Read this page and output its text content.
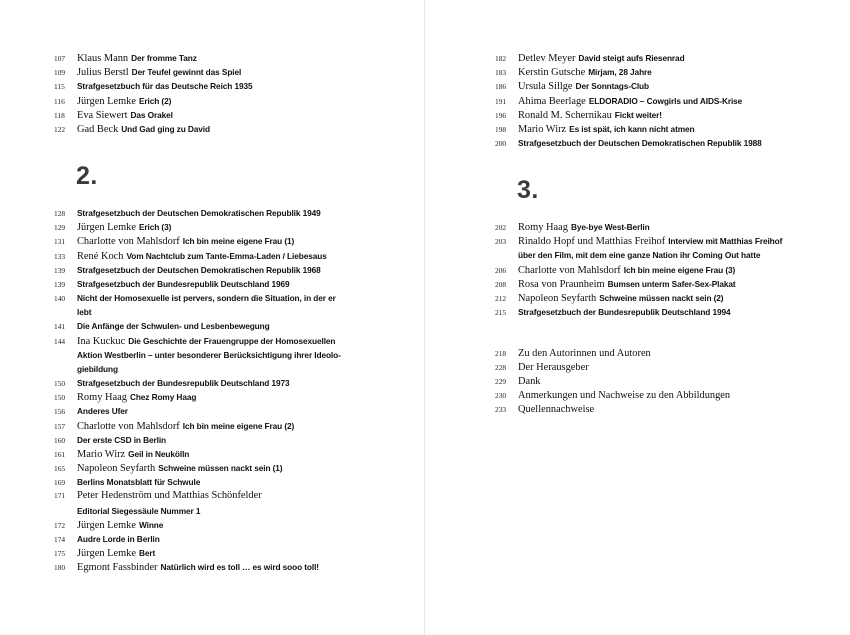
2.
107	Klaus Mann Der fromme Tanz
109	Julius Berstl Der Teufel gewinnt das Spiel
115	Strafgesetzbuch für das Deutsche Reich 1935
116	Jürgen Lemke Erich (2)
118	Eva Siewert Das Orakel
122	Gad Beck Und Gad ging zu David
128	Strafgesetzbuch der Deutschen Demokratischen Republik 1949
129	Jürgen Lemke Erich (3)
131	Charlotte von Mahlsdorf Ich bin meine eigene Frau (1)
133	René Koch Vom Nachtclub zum Tante-Emma-Laden / Liebesaus
139	Strafgesetzbuch der Deutschen Demokratischen Republik 1968
139	Strafgesetzbuch der Bundesrepublik Deutschland 1969
140	Nicht der Homosexuelle ist pervers, sondern die Situation, in der er
lebt
141	Die Anfänge der Schwulen- und Lesbenbewegung
144	Ina Kuckuc Die Geschichte der Frauengruppe der Homosexuellen
Aktion Westberlin – unter besonderer Berücksichtigung ihrer Ideolo-
giebildung
150	Strafgesetzbuch der Bundesrepublik Deutschland 1973
150	Romy Haag Chez Romy Haag
156	Anderes Ufer
157	Charlotte von Mahlsdorf Ich bin meine eigene Frau (2)
160	Der erste CSD in Berlin
161	Mario Wirz Geil in Neukölln
165	Napoleon Seyfarth Schweine müssen nackt sein (1)
169	Berlins Monatsblatt für Schwule
171	Peter Hedenström und Matthias Schönfelder
Editorial Siegessäule Nummer 1
172	Jürgen Lemke Winne
174	Audre Lorde in Berlin
175	Jürgen Lemke Bert
180	Egmont Fassbinder Natürlich wird es toll … es wird sooo toll!
3.
182	Detlev Meyer David steigt aufs Riesenrad
183	Kerstin Gutsche Mirjam, 28 Jahre
186	Ursula Sillge Der Sonntags-Club
191	Ahima Beerlage ELDORADIO – Cowgirls und AIDS-Krise
196	Ronald M. Schernikau Fickt weiter!
198	Mario Wirz Es ist spät, ich kann nicht atmen
200	Strafgesetzbuch der Deutschen Demokratischen Republik 1988
202	Romy Haag Bye-bye West-Berlin
203	Rinaldo Hopf und Matthias Freihof Interview mit Matthias Freihof
über den Film, mit dem eine ganze Nation ihr Coming Out hatte
206	Charlotte von Mahlsdorf Ich bin meine eigene Frau (3)
208	Rosa von Praunheim Bumsen unterm Safer-Sex-Plakat
212	Napoleon Seyfarth Schweine müssen nackt sein (2)
215	Strafgesetzbuch der Bundesrepublik Deutschland 1994
218	Zu den Autorinnen und Autoren
228	Der Herausgeber
229	Dank
230	Anmerkungen und Nachweise zu den Abbildungen
233	Quellennachweise
